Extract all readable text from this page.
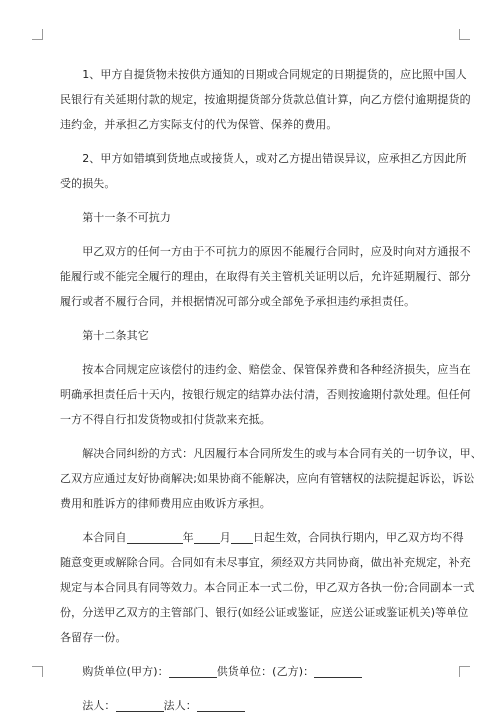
　　1、甲方自提货物未按供方通知的日期或合同规定的日期提货的，应比照中国人
民银行有关延期付款的规定，按逾期提货部分货款总值计算，向乙方偿付逾期提货的
违约金，并承担乙方实际支付的代为保管、保养的费用。
　　2、甲方如错填到货地点或接货人，或对乙方提出错误异议，应承担乙方因此所
受的损失。
　　第十一条不可抗力
　　甲乙双方的任何一方由于不可抗力的原因不能履行合同时，应及时向对方通报不
能履行或不能完全履行的理由，在取得有关主管机关证明以后，允许延期履行、部分
履行或者不履行合同，并根据情况可部分或全部免予承担违约承担责任。
　　第十二条其它
　　按本合同规定应该偿付的违约金、赔偿金、保管保养费和各种经济损失，应当在
明确承担责任后十天内，按银行规定的结算办法付清，否则按逾期付款处理。但任何
一方不得自行扣发货物或扣付货款来充抵。
　　解决合同纠纷的方式：凡因履行本合同所发生的或与本合同有关的一切争议，甲、
乙双方应通过友好协商解决;如果协商不能解决，应向有管辖权的法院提起诉讼，诉讼
费用和胜诉方的律师费用应由败诉方承担。
　　本合同自	年 月 日起生效，合同执行期内，甲乙双方均不得
随意变更或解除合同。合同如有未尽事宜，须经双方共同协商，做出补充规定，补充
规定与本合同具有同等效力。本合同正本一式二份，甲乙双方各执一份;合同副本一式
份，分送甲乙双方的主管部门、银行(如经公证或鉴证，应送公证或鉴证机关)等单位
各留存一份。
　　购货单位(甲方)：	供货单位：(乙方)：
　　法人：	法人：
